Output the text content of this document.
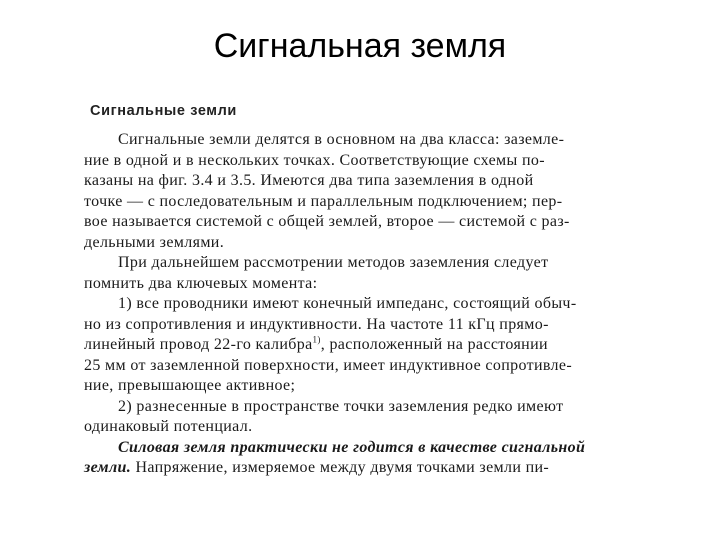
Сигнальная земля
Сигнальные земли
Сигнальные земли делятся в основном на два класса: заземле-
ние в одной и в нескольких точках. Соответствующие схемы по-
казаны на фиг. 3.4 и 3.5. Имеются два типа заземления в одной
точке — с последовательным и параллельным подключением; пер-
вое называется системой с общей землей, второе — системой с раз-
дельными землями.
При дальнейшем рассмотрении методов заземления следует
помнить два ключевых момента:
1) все проводники имеют конечный импеданс, состоящий обыч-
но из сопротивления и индуктивности. На частоте 11 кГц прямо-
линейный провод 22-го калибра$^{1)}$, расположенный на расстоянии
25 мм от заземленной поверхности, имеет индуктивное сопротивле-
ние, превышающее активное;
2) разнесенные в пространстве точки заземления редко имеют
одинаковый потенциал.
Силовая земля практически не годится в качестве сигнальной
земли. Напряжение, измеряемое между двумя точками земли пи-
